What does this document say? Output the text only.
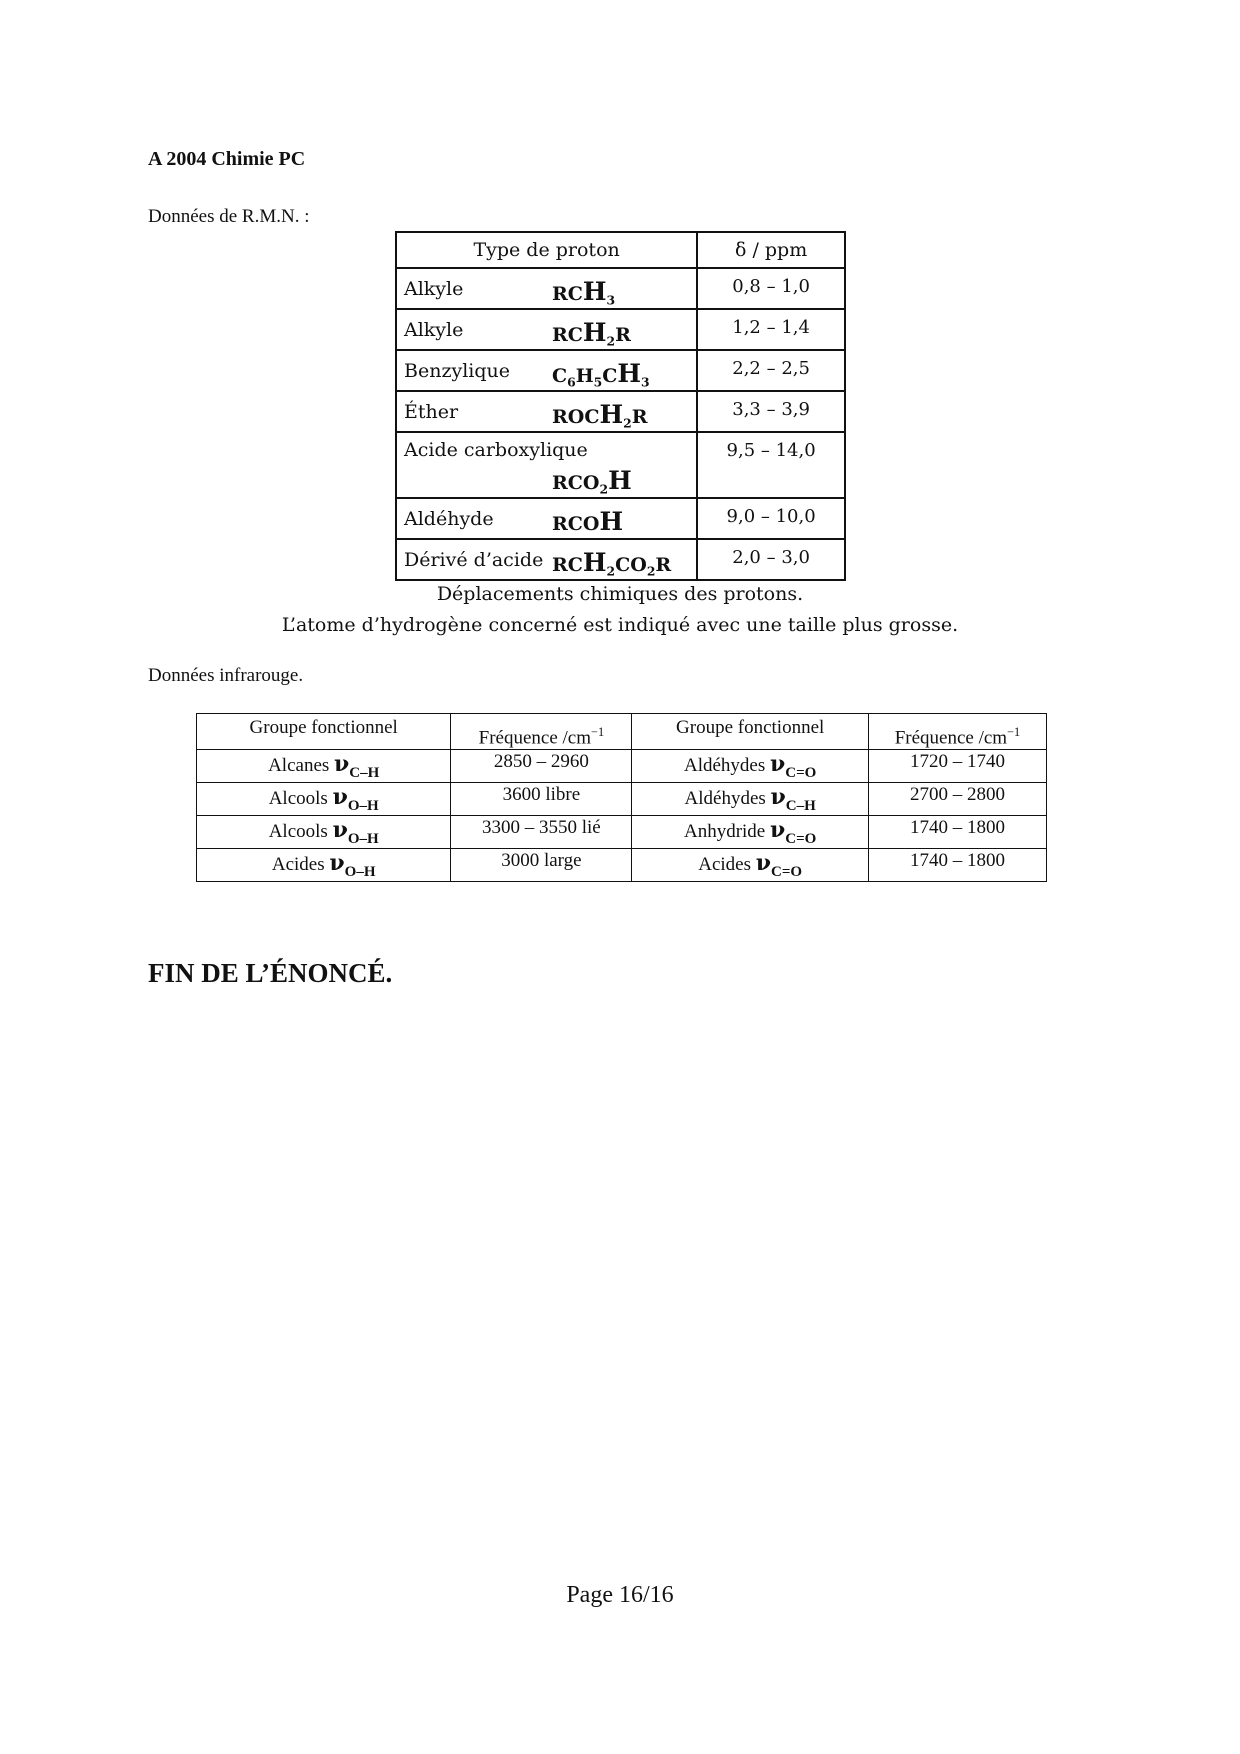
A 2004 Chimie PC
Données de R.M.N. :
Type de proton	δ / ppm

Alkyle $RCH_3$	0,8 – 1,0

Alkyle $RCH_2R$	1,2 – 1,4

Benzylique $C_6H_5CH_3$	2,2 – 2,5

Éther $ROCH_2R$	3,3 – 3,9

Acide carboxylique
$RCO_2H$	9,5 – 14,0

Aldéhyde RCOH	9,0 – 10,0

Dérivé d’acide $RCH_2CO_2R$	2,0 – 3,0
Déplacements chimiques des protons.
L’atome d’hydrogène concerné est indiqué avec une taille plus grosse.
Données infrarouge.
Groupe fonctionnel	Fréquence $/cm^{-1}$	Groupe fonctionnel	Fréquence $/cm^{-1}$
Alcanes $\nu_{C-H}$	2850 – 2960	Aldéhydes $\nu_{C=O}$	1720 – 1740
Alcools $\nu_{O-H}$	3600 libre	Aldéhydes $\nu_{C-H}$	2700 – 2800
Alcools $\nu_{O-H}$	3300 – 3550 lié	Anhydride $\nu_{C=O}$	1740 – 1800
Acides $\nu_{O-H}$	3000 large	Acides $\nu_{C=O}$	1740 – 1800
FIN DE L’ÉNONCÉ.
Page 16/16
